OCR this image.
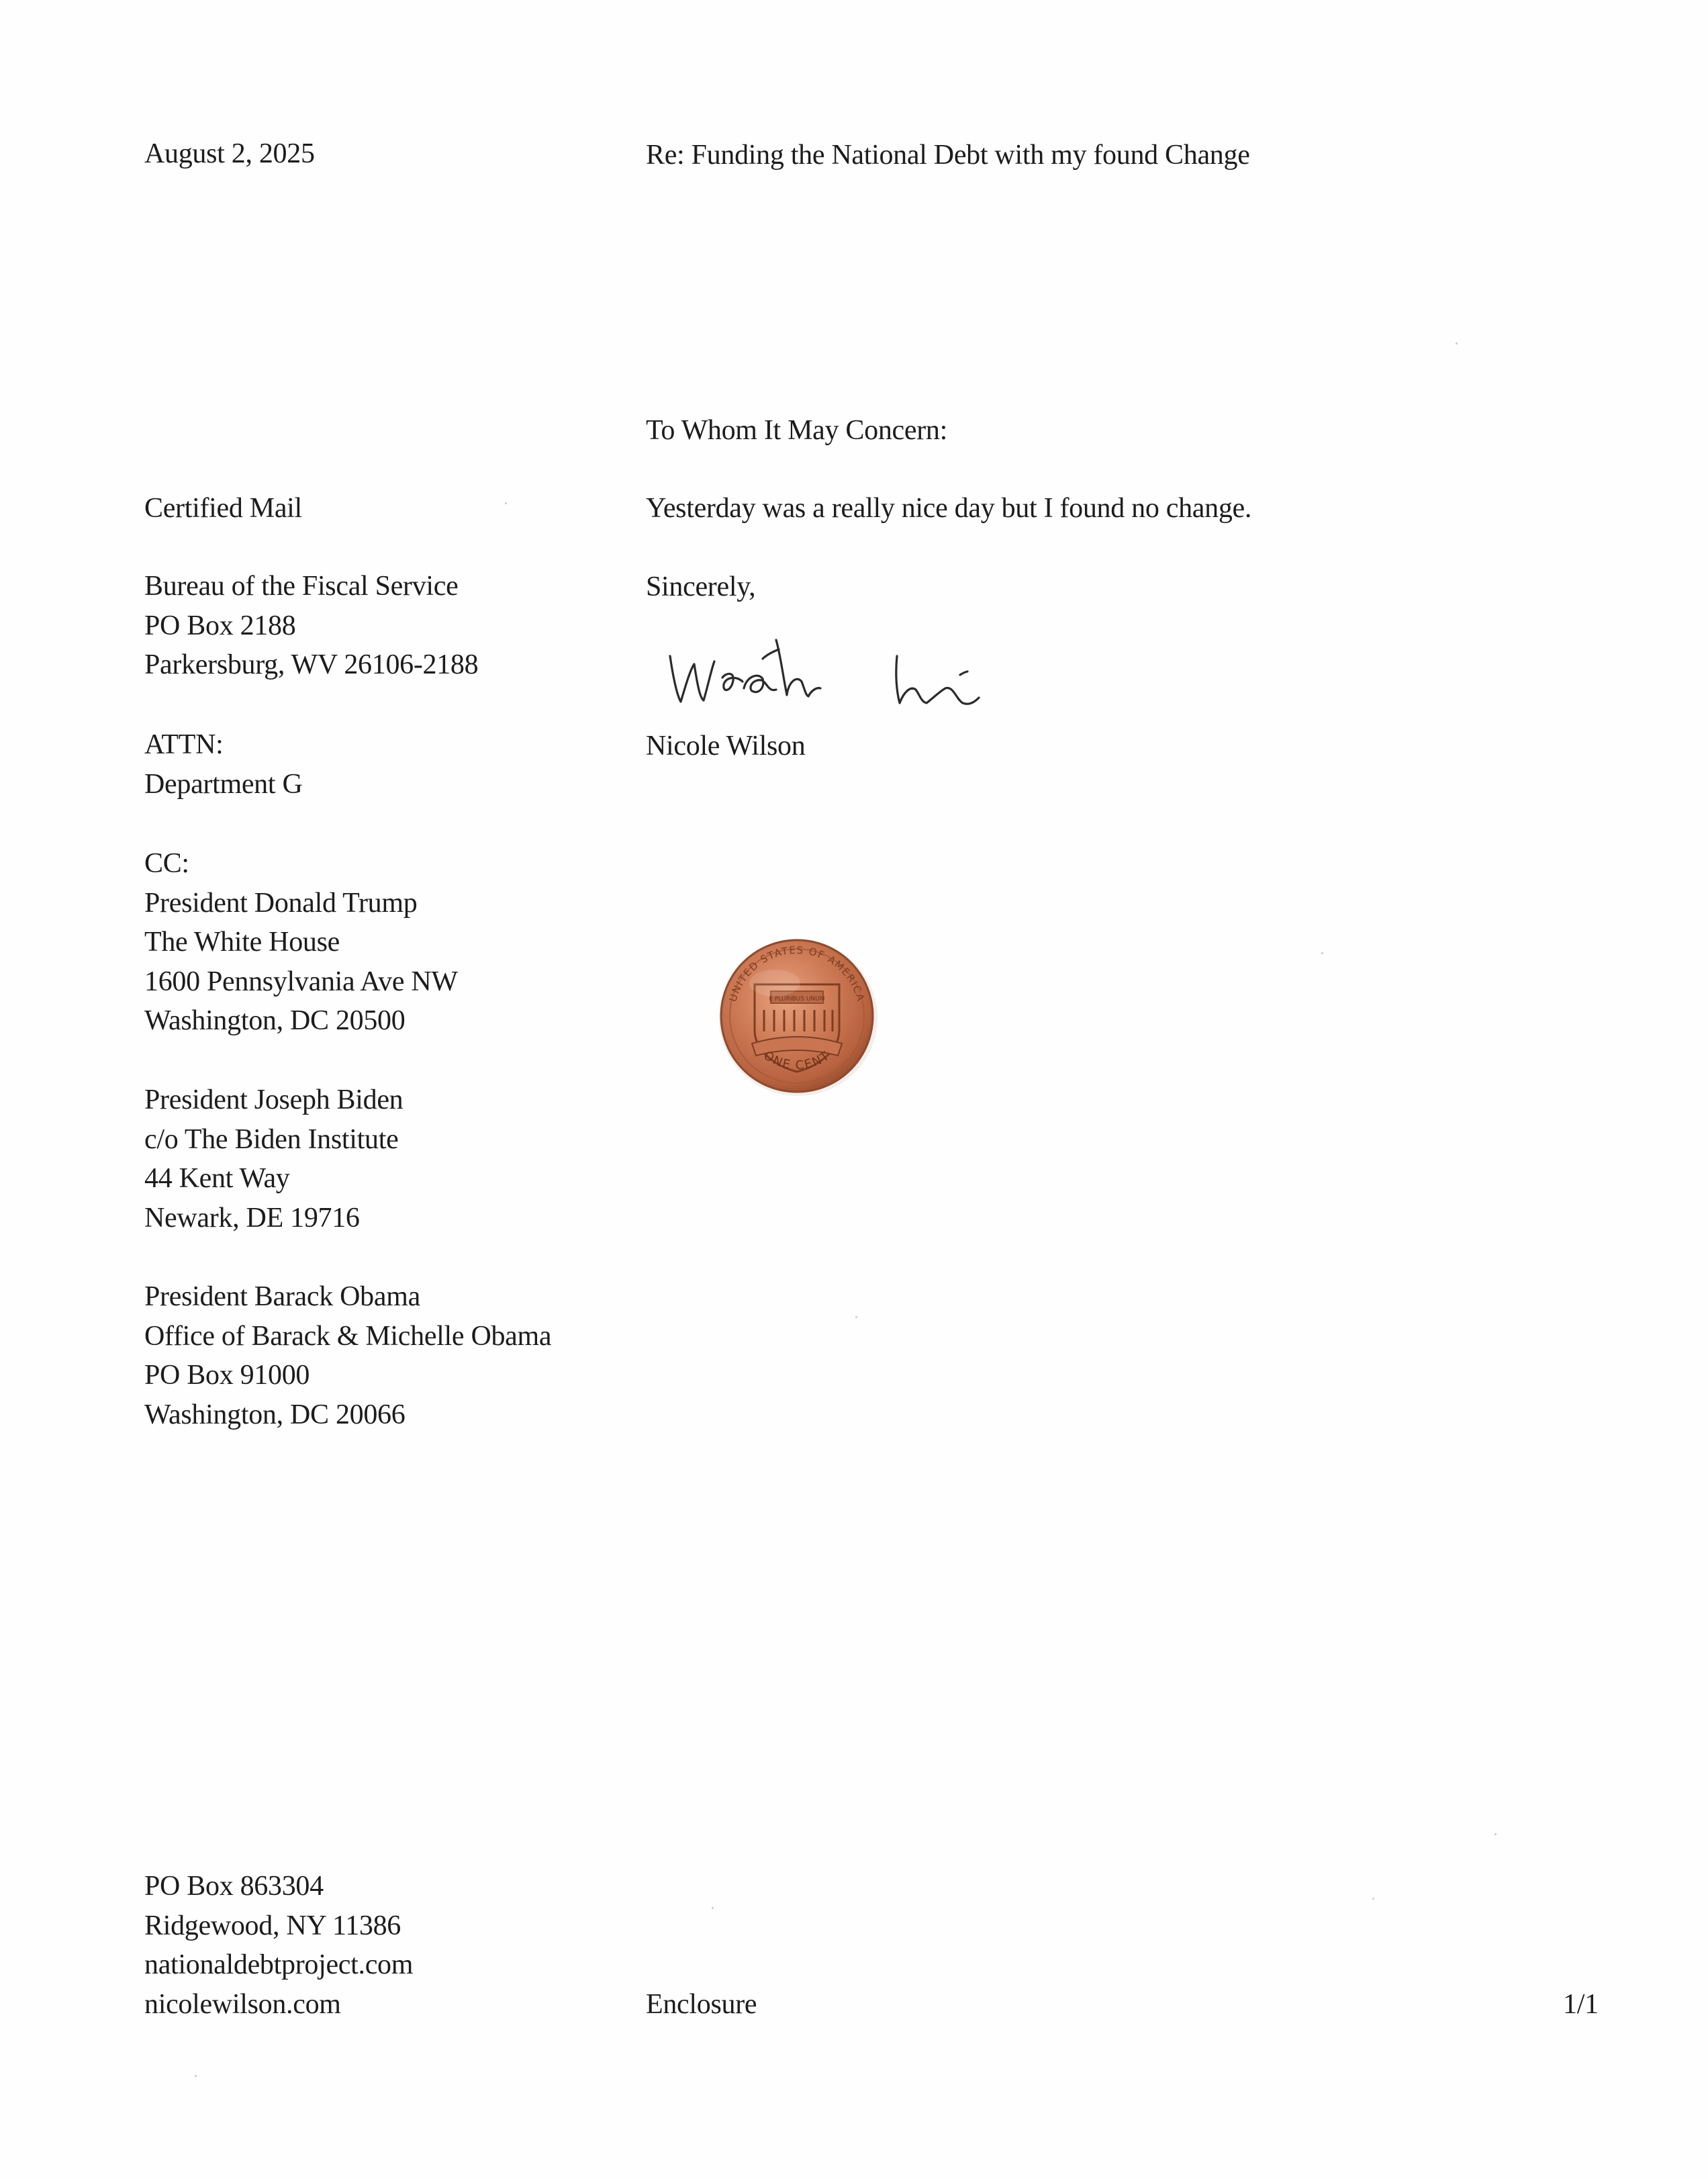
August 2, 2025	Re: Funding the National Debt with my found Change
To Whom It May Concern:
Certified Mail	Yesterday was a really nice day but I found no change.
Sincerely,
Bureau of the Fiscal Service
PO Box 2188
Parkersburg, WV 26106-2188
Nicole Wilson
ATTN:
Department G
CC:
President Donald Trump
The White House
1600 Pennsylvania Ave NW
Washington, DC 20500
President Joseph Biden
c/o The Biden Institute
44 Kent Way
Newark, DE 19716
President Barack Obama
Office of Barack & Michelle Obama
PO Box 91000
Washington, DC 20066
UNITED STATES OF AMERICA
E PLURIBUS UNUM
ONE CENT
PO Box 863304
Ridgewood, NY 11386
nationaldebtproject.com
nicolewilson.com	Enclosure	1/1
